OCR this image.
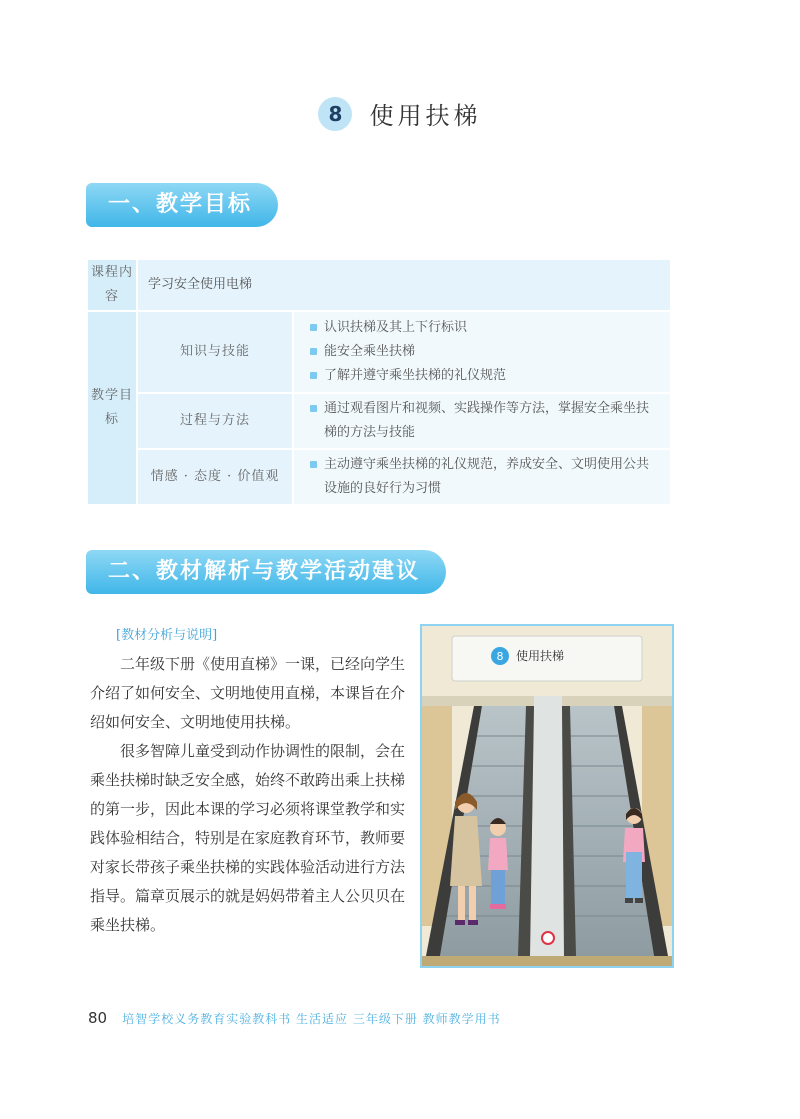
8 使用扶梯
一、教学目标
课程内容	学习安全使用电梯	
教学目标	知识与技能	认识扶梯及其上下行标识
能安全乘坐扶梯
了解并遵守乘坐扶梯的礼仪规范

	过程与方法	通过观看图片和视频、实践操作等方法，掌握安全乘坐扶梯的方法与技能

	情感 · 态度 · 价值观	主动遵守乘坐扶梯的礼仪规范，养成安全、文明使用公共设施的良好行为习惯
二、教材解析与教学活动建议
[教材分析与说明]

二年级下册《使用直梯》一课，已经向学生介绍了如何安全、文明地使用直梯，本课旨在介绍如何安全、文明地使用扶梯。

很多智障儿童受到动作协调性的限制，会在乘坐扶梯时缺乏安全感，始终不敢跨出乘上扶梯的第一步，因此本课的学习必须将课堂教学和实践体验相结合，特别是在家庭教育环节，教师要对家长带孩子乘坐扶梯的实践体验活动进行方法指导。篇章页展示的就是妈妈带着主人公贝贝在乘坐扶梯。

8 使用扶梯
80 培智学校义务教育实验教科书 生活适应 三年级下册 教师教学用书
